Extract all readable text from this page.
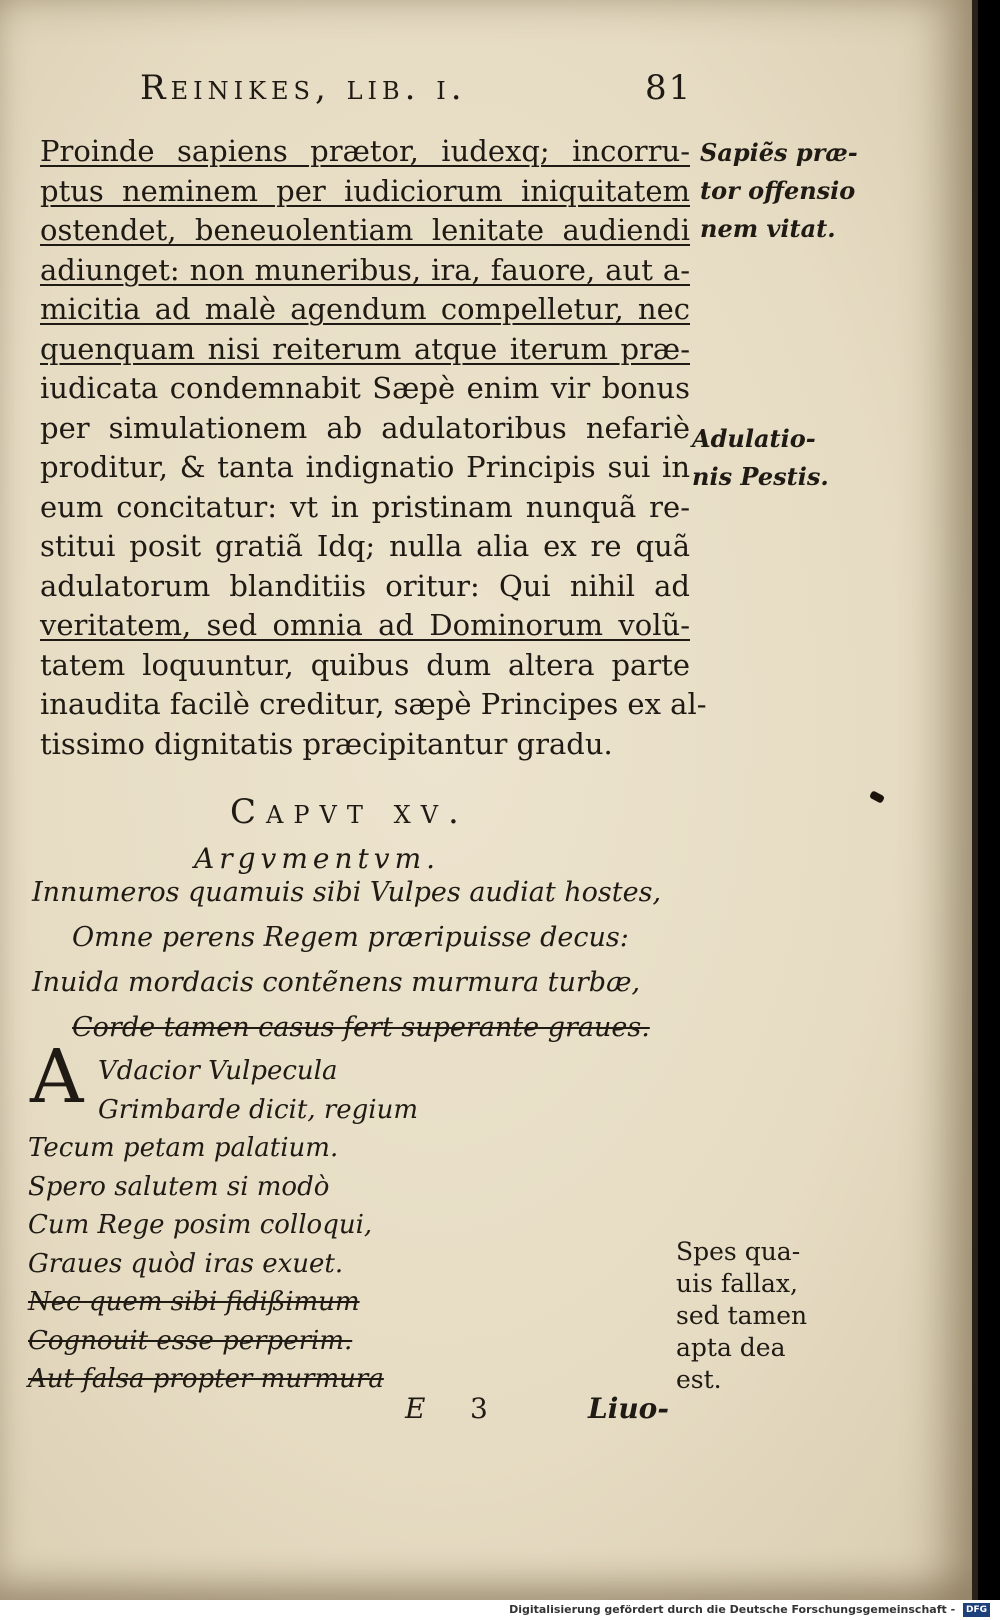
Reinikes, lib. i.	81
Proinde sapiens prætor, iudexq; incorru-
ptus neminem per iudiciorum iniquitatem
ostendet, beneuolentiam lenitate audiendi
adiunget: non muneribus, ira, fauore, aut a-
micitia ad malè agendum compelletur, nec
quenquam nisi reiterum atque iterum præ-
iudicata condemnabit Sæpè enim vir bonus
per simulationem ab adulatoribus nefariè
proditur, & tanta indignatio Principis sui in
eum concitatur: vt in pristinam nunquã re-
stitui posit gratiã Idq; nulla alia ex re quã
adulatorum blanditiis oritur: Qui nihil ad
veritatem, sed omnia ad Dominorum volũ-
tatem loquuntur, quibus dum altera parte
inaudita facilè creditur, sæpè Principes ex al-
tissimo dignitatis præcipitantur gradu.
Sapiẽs præ-
tor offensio
nem vitat.
Adulatio-
nis Pestis.
Capvt xv.
Argvmentvm.
Innumeros quamuis sibi Vulpes audiat hostes,
Omne perens Regem præripuisse decus:
Inuida mordacis contẽnens murmura turbæ,
Corde tamen casus fert superante graues.
A Vdacior Vulpecula
Grimbarde dicit, regium
Tecum petam palatium.
Spero salutem si modò
Cum Rege posim colloqui,
Graues quòd iras exuet.
Nec quem sibi fidißimum
Cognouit esse perperim.
Aut falsa propter murmura
Spes qua-
uis fallax,
sed tamen
apta dea
est.
E 3	Liuo-
Digitalisierung gefördert durch die Deutsche Forschungsgemeinschaft - DFG
